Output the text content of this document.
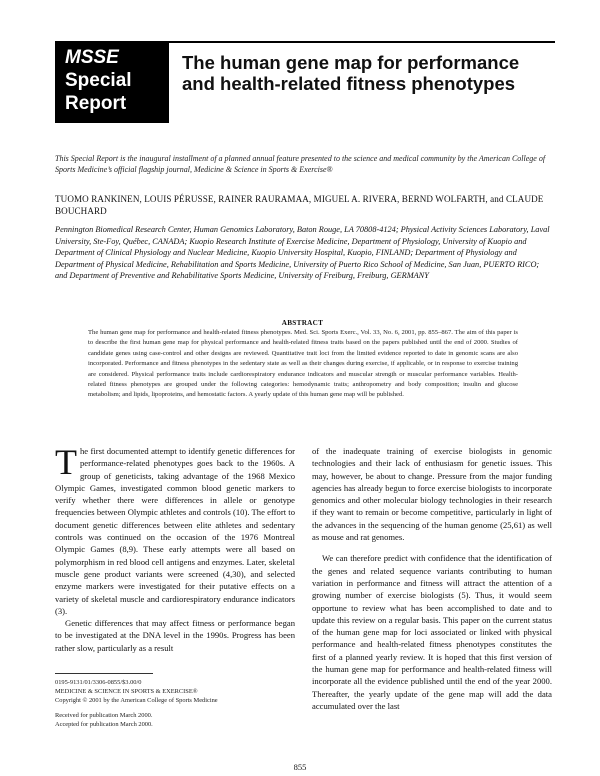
MSSE
Special
Report
The human gene map for performance and health-related fitness phenotypes
This Special Report is the inaugural installment of a planned annual feature presented to the science and medical community by the American College of Sports Medicine’s official flagship journal, Medicine & Science in Sports & Exercise®
TUOMO RANKINEN, LOUIS PÉRUSSE, RAINER RAURAMAA, MIGUEL A. RIVERA, BERND WOLFARTH, and CLAUDE BOUCHARD
Pennington Biomedical Research Center, Human Genomics Laboratory, Baton Rouge, LA 70808-4124; Physical Activity Sciences Laboratory, Laval University, Ste-Foy, Québec, CANADA; Kuopio Research Institute of Exercise Medicine, Department of Physiology, University of Kuopio and Department of Clinical Physiology and Nuclear Medicine, Kuopio University Hospital, Kuopio, FINLAND; Department of Physiology and Department of Physical Medicine, Rehabilitation and Sports Medicine, University of Puerto Rico School of Medicine, San Juan, PUERTO RICO; and Department of Preventive and Rehabilitative Sports Medicine, University of Freiburg, Freiburg, GERMANY
ABSTRACT
The human gene map for performance and health-related fitness phenotypes. Med. Sci. Sports Exerc., Vol. 33, No. 6, 2001, pp. 855–867. The aim of this paper is to describe the first human gene map for physical performance and health-related fitness traits based on the papers published until the end of 2000. Studies of candidate genes using case-control and other designs are reviewed. Quantitative trait loci from the limited evidence reported to date in genomic scans are also incorporated. Performance and fitness phenotypes in the sedentary state as well as their changes during exercise, if applicable, or in response to exercise training are considered. Physical performance traits include cardiorespiratory endurance indicators and muscular strength or muscular performance variables. Health-related fitness phenotypes are grouped under the following categories: hemodynamic traits; anthropometry and body composition; insulin and glucose metabolism; and lipids, lipoproteins, and hemostatic factors. A yearly update of this human gene map will be published.

T he first documented attempt to identify genetic differences for performance-related phenotypes goes back to the 1960s. A group of geneticists, taking advantage of the 1968 Mexico Olympic Games, investigated common blood genetic markers to verify whether there were differences in allele or genotype frequencies between Olympic athletes and controls (10). The effort to document genetic differences between elite athletes and sedentary controls was continued on the occasion of the 1976 Montreal Olympic Games (8,9). These early attempts were all based on polymorphism in red blood cell antigens and enzymes. Later, skeletal muscle gene product variants were screened (4,30), and selected enzyme markers were investigated for their putative effects on a variety of skeletal muscle and cardiorespiratory endurance indicators (3).

Genetic differences that may affect fitness or performance began to be investigated at the DNA level in the 1990s. Progress has been rather slow, particularly as a result

of the inadequate training of exercise biologists in genomic technologies and their lack of enthusiasm for genetic issues. This may, however, be about to change. Pressure from the major funding agencies has already begun to force exercise biologists to incorporate genomics and other molecular biology technologies in their research if they want to remain or become competitive, particularly in light of the advances in the sequencing of the human genome (25,61) as well as mouse and rat genomes.

We can therefore predict with confidence that the identification of the genes and related sequence variants contributing to human variation in performance and fitness will attract the attention of a growing number of exercise biologists (5). Thus, it would seem opportune to review what has been accomplished to date and to update this review on a regular basis. This paper on the current status of the human gene map for loci associated or linked with physical performance and health-related fitness phenotypes constitutes the first of a planned yearly review. It is hoped that this first version of the human gene map for performance and health-related fitness will incorporate all the evidence published until the end of the year 2000. Thereafter, the yearly update of the gene map will add the data accumulated over the last

0195-9131/01/3306-0855/$3.00/0

MEDICINE & SCIENCE IN SPORTS & EXERCISE®

Copyright © 2001 by the American College of Sports Medicine

Received for publication March 2000.

Accepted for publication March 2000.

855
